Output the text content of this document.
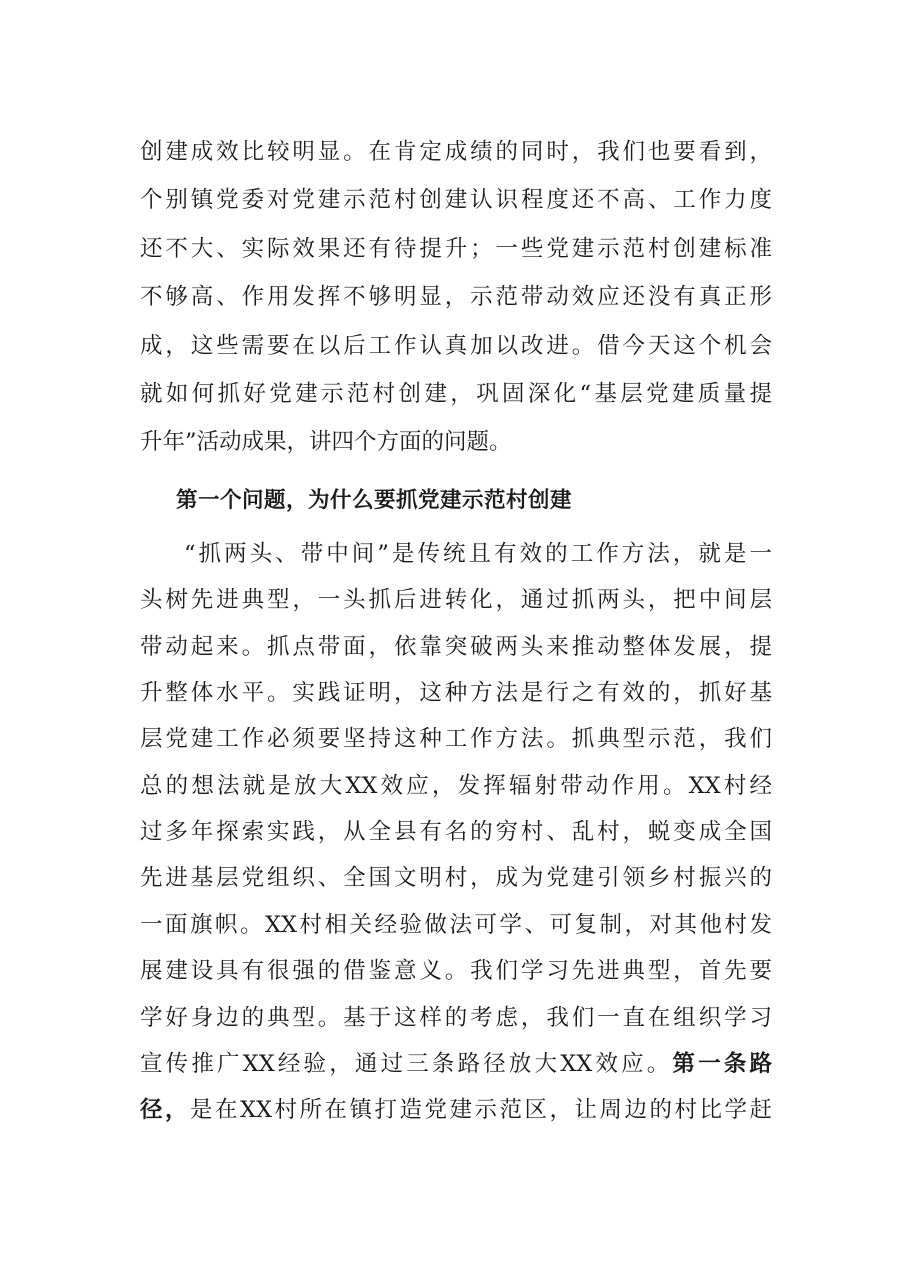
创建成效比较明显。在肯定成绩的同时，我们也要看到，
个别镇党委对党建示范村创建认识程度还不高、工作力度
还不大、实际效果还有待提升；一些党建示范村创建标准
不够高、作用发挥不够明显，示范带动效应还没有真正形
成，这些需要在以后工作认真加以改进。借今天这个机会
就如何抓好党建示范村创建，巩固深化“基层党建质量提
升年”活动成果，讲四个方面的问题。
第一个问题，为什么要抓党建示范村创建
“抓两头、带中间”是传统且有效的工作方法，就是一
头树先进典型，一头抓后进转化，通过抓两头，把中间层
带动起来。抓点带面，依靠突破两头来推动整体发展，提
升整体水平。实践证明，这种方法是行之有效的，抓好基
层党建工作必须要坚持这种工作方法。抓典型示范，我们
总的想法就是放大XX效应，发挥辐射带动作用。XX村经
过多年探索实践，从全县有名的穷村、乱村，蜕变成全国
先进基层党组织、全国文明村，成为党建引领乡村振兴的
一面旗帜。XX村相关经验做法可学、可复制，对其他村发
展建设具有很强的借鉴意义。我们学习先进典型，首先要
学好身边的典型。基于这样的考虑，我们一直在组织学习
宣传推广XX经验，通过三条路径放大XX效应。第一条路
径，是在XX村所在镇打造党建示范区，让周边的村比学赶
